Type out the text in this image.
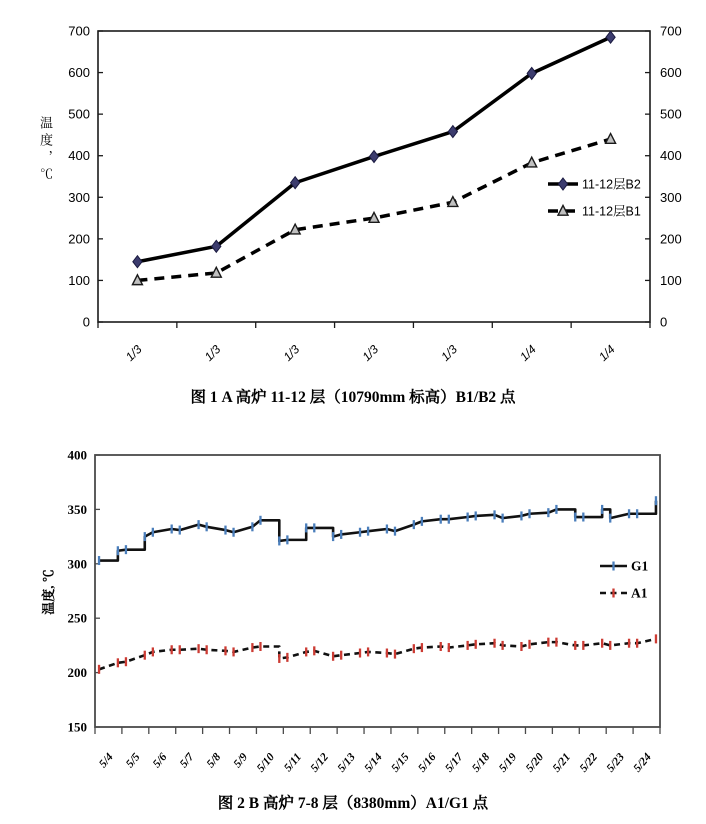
温度，℃
0	0
100	100
200	200
300	300
400	400
500	500
600	600
700	700
1/3	1/3	1/3	1/3	1/3	1/4	1/4
11-12层B2
11-12层B1
图 1 A 高炉 11-12 层（10790mm 标高）B1/B2 点
温度, ℃
150
200
250
300
350
400
5/4 5/5 5/6 5/7 5/8 5/9 5/10 5/11 5/12 5/13 5/14 5/15 5/16 5/17 5/18 5/19 5/20 5/21 5/22 5/23 5/24
G1
A1
图 2 B 高炉 7-8 层（8380mm）A1/G1 点
